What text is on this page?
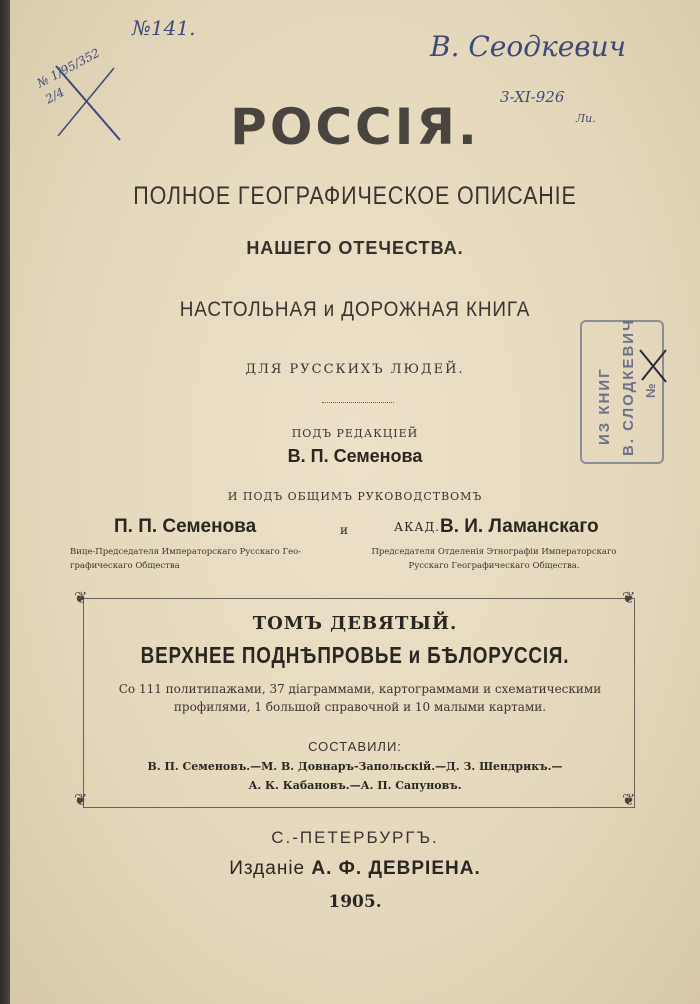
№141.
№ 1/95/352
2/4
В. Сеодкевич
3-XI-926
Ли.
РОССІЯ.
ПОЛНОЕ ГЕОГРАФИЧЕСКОЕ ОПИСАНІЕ
НАШЕГО ОТЕЧЕСТВА.
НАСТОЛЬНАЯ и ДОРОЖНАЯ КНИГА
ДЛЯ РУССКИХЪ ЛЮДЕЙ.
ПОДЪ РЕДАКЦІЕЙ
В. П. Семенова
И ПОДЪ ОБЩИМЪ РУКОВОДСТВОМЪ
П. П. Семенова	и	АКАД. В. И. Ламанскаго
Вице-Председателя Императорскаго Русскаго Гео-графическаго Общества
Председателя Отделенія Этнографіи Императорскаго Русскаго Географическаго Общества.
❦	❦
❦	❦
ТОМЪ ДЕВЯТЫЙ.
ВЕРХНЕЕ ПОДНѢПРОВЬЕ и БѢЛОРУССІЯ.
Со 111 политипажами, 37 діаграммами, картограммами и схематическими профилями, 1 большой справочной и 10 малыми картами.
СОСТАВИЛИ:
В. П. Семеновъ.—М. В. Довнаръ-Запольскій.—Д. З. Шендрикъ.—
А. К. Кабановъ.—А. П. Сапуновъ.
С.-ПЕТЕРБУРГЪ.
Изданіе А. Ф. ДЕВРІЕНА.
1905.
ИЗ КНИГ В. СЛОДКЕВИЧ №
